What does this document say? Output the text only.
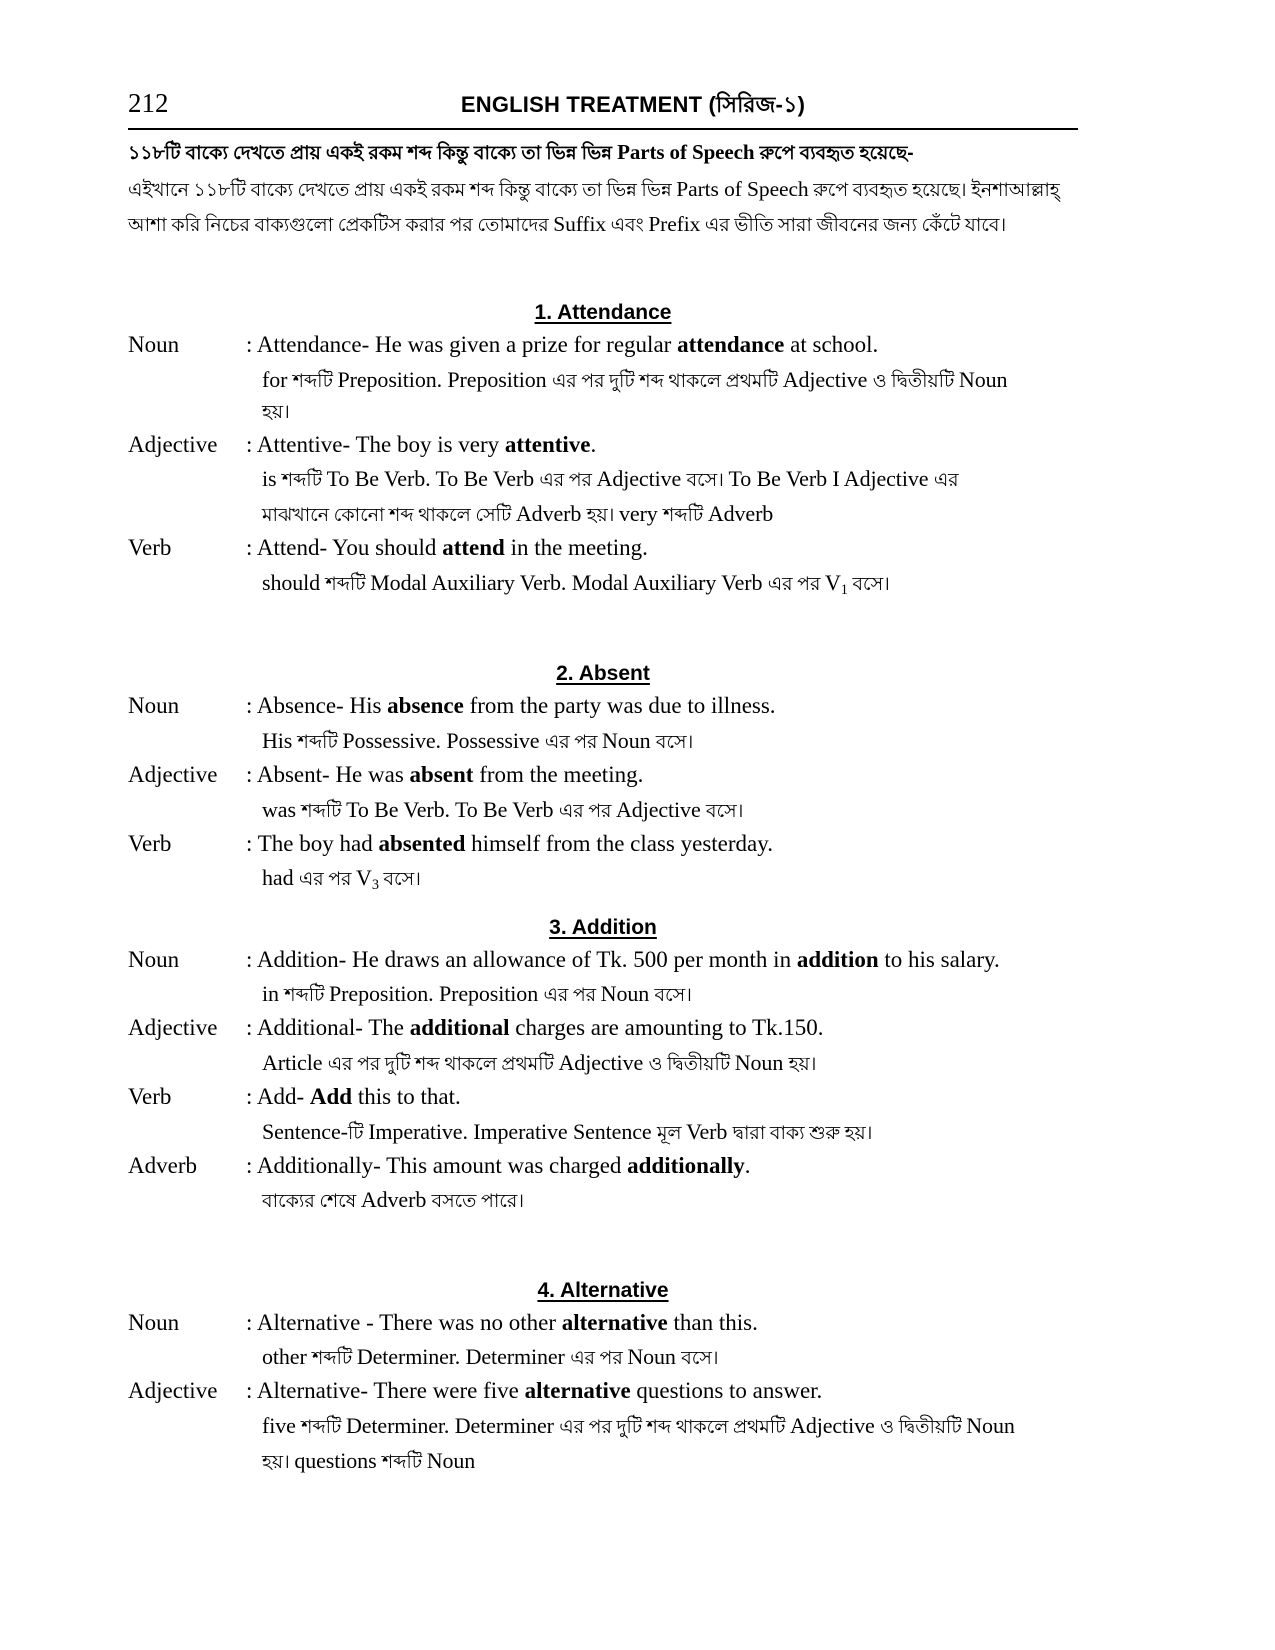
212	ENGLISH TREATMENT (সিরিজ-১)
১১৮টি বাক্যে দেখতে প্রায় একই রকম শব্দ কিন্তু বাক্যে তা ভিন্ন ভিন্ন Parts of Speech রুপে ব্যবহৃত হয়েছে-
এইখানে ১১৮টি বাক্যে দেখতে প্রায় একই রকম শব্দ কিন্তু বাক্যে তা ভিন্ন ভিন্ন Parts of Speech রুপে ব্যবহৃত হয়েছে। ইনশাআল্লাহ্ আশা করি নিচের বাক্যগুলো প্রেকটিস করার পর তোমাদের Suffix এবং Prefix এর ভীতি সারা জীবনের জন্য কেঁটে যাবে।
1. Attendance
Noun	: Attendance- He was given a prize for regular attendance at school.
for শব্দটি Preposition. Preposition এর পর দুটি শব্দ থাকলে প্রথমটি Adjective ও দ্বিতীয়টি Noun
হয়।
Adjective	: Attentive- The boy is very attentive.
is শব্দটি To Be Verb. To Be Verb এর পর Adjective বসে। To Be Verb I Adjective এর
মাঝখানে কোনো শব্দ থাকলে সেটি Adverb হয়। very শব্দটি Adverb
Verb	: Attend- You should attend in the meeting.
should শব্দটি Modal Auxiliary Verb. Modal Auxiliary Verb এর পর $V_1$ বসে।
2. Absent
Noun	: Absence- His absence from the party was due to illness.
His শব্দটি Possessive. Possessive এর পর Noun বসে।
Adjective	: Absent- He was absent from the meeting.
was শব্দটি To Be Verb. To Be Verb এর পর Adjective বসে।
Verb	: The boy had absented himself from the class yesterday.
had এর পর $V_3$ বসে।
3. Addition
Noun	: Addition- He draws an allowance of Tk. 500 per month in addition to his salary.
in শব্দটি Preposition. Preposition এর পর Noun বসে।
Adjective	: Additional- The additional charges are amounting to Tk.150.
Article এর পর দুটি শব্দ থাকলে প্রথমটি Adjective ও দ্বিতীয়টি Noun হয়।
Verb	: Add- Add this to that.
Sentence-টি Imperative. Imperative Sentence মূল Verb দ্বারা বাক্য শুরু হয়।
Adverb	: Additionally- This amount was charged additionally.
বাক্যের শেষে Adverb বসতে পারে।
4. Alternative
Noun	: Alternative - There was no other alternative than this.
other শব্দটি Determiner. Determiner এর পর Noun বসে।
Adjective	: Alternative- There were five alternative questions to answer.
five শব্দটি Determiner. Determiner এর পর দুটি শব্দ থাকলে প্রথমটি Adjective ও দ্বিতীয়টি Noun
হয়। questions শব্দটি Noun
